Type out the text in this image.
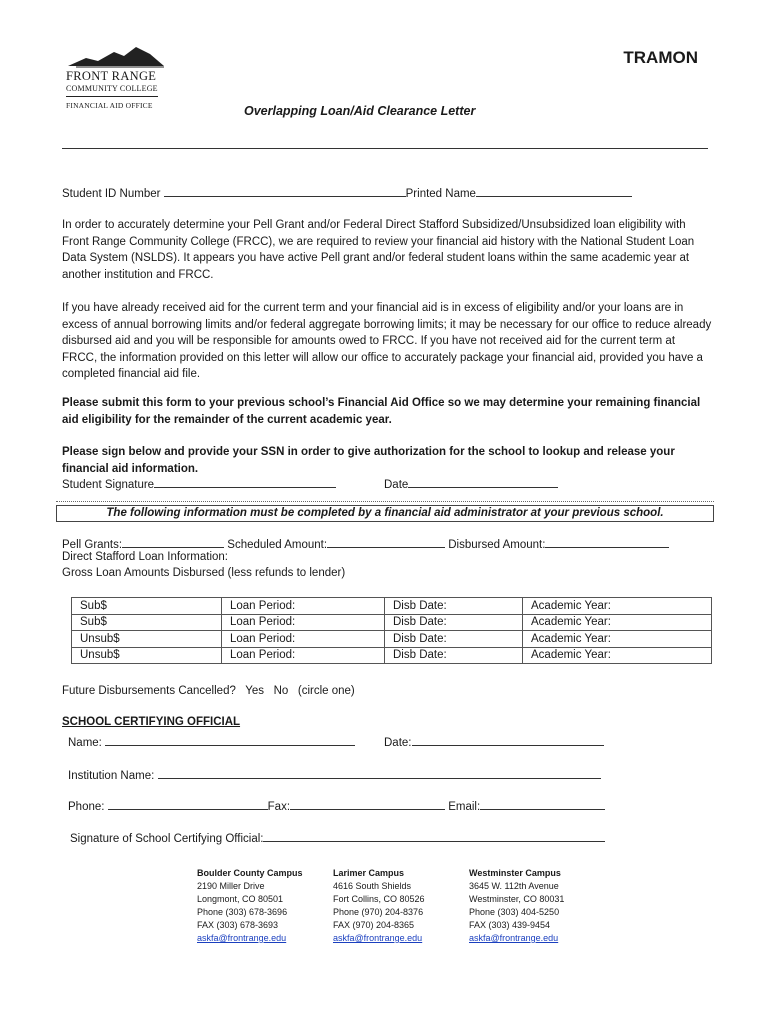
FRONT RANGE
COMMUNITY COLLEGE
FINANCIAL AID OFFICE
TRAMON
Overlapping Loan/Aid Clearance Letter
Student ID Number	Printed Name
In order to accurately determine your Pell Grant and/or Federal Direct Stafford Subsidized/Unsubsidized loan eligibility with Front Range Community College (FRCC), we are required to review your financial aid history with the National Student Loan Data System (NSLDS). It appears you have active Pell grant and/or federal student loans within the same academic year at another institution and FRCC.
If you have already received aid for the current term and your financial aid is in excess of eligibility and/or your loans are in excess of annual borrowing limits and/or federal aggregate borrowing limits; it may be necessary for our office to reduce already disbursed aid and you will be responsible for amounts owed to FRCC. If you have not received aid for the current term at FRCC, the information provided on this letter will allow our office to accurately package your financial aid, provided you have a completed financial aid file.
Please submit this form to your previous school’s Financial Aid Office so we may determine your remaining financial aid eligibility for the remainder of the current academic year.
Please sign below and provide your SSN in order to give authorization for the school to lookup and release your financial aid information.
Student Signature	Date
The following information must be completed by a financial aid administrator at your previous school.
Pell Grants:	Scheduled Amount:	Disbursed Amount:
Direct Stafford Loan Information:
Gross Loan Amounts Disbursed (less refunds to lender)
Sub$	Loan Period:	Disb Date:	Academic Year:
Sub$	Loan Period:	Disb Date:	Academic Year:
Unsub$	Loan Period:	Disb Date:	Academic Year:
Unsub$	Loan Period:	Disb Date:	Academic Year:
Future Disbursements Cancelled?   Yes   No   (circle one)
SCHOOL CERTIFYING OFFICIAL
Name:	Date:
Institution Name:
Phone:	Fax:	Email:
Signature of School Certifying Official:
Boulder County Campus
2190 Miller Drive
Longmont, CO 80501
Phone (303) 678-3696
FAX (303) 678-3693
askfa@frontrange.edu
Larimer Campus
4616 South Shields
Fort Collins, CO 80526
Phone (970) 204-8376
FAX (970) 204-8365
askfa@frontrange.edu
Westminster Campus
3645 W. 112th Avenue
Westminster, CO 80031
Phone (303) 404-5250
FAX (303) 439-9454
askfa@frontrange.edu
